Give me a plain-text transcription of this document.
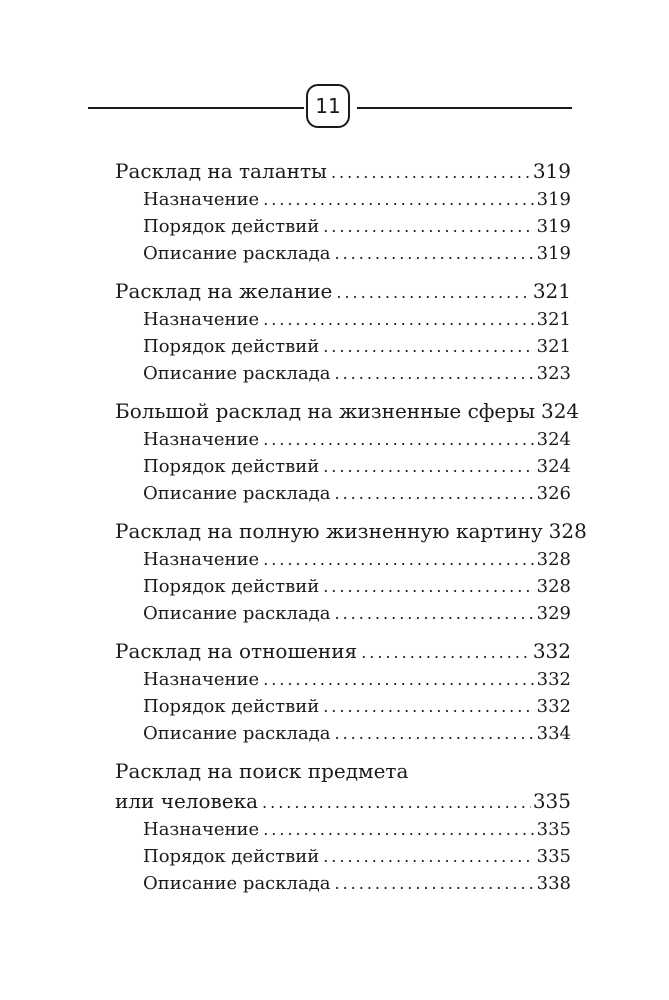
11
Расклад на таланты .....	319
Назначение .....	319
Порядок действий .....	319
Описание расклада .....	319
Расклад на желание .....	321
Назначение .....	321
Порядок действий .....	321
Описание расклада .....	323
Большой расклад на жизненные сферы 324
Назначение .....	324
Порядок действий .....	324
Описание расклада .....	326
Расклад на полную жизненную картину 328
Назначение .....	328
Порядок действий .....	328
Описание расклада .....	329
Расклад на отношения .....	332
Назначение .....	332
Порядок действий .....	332
Описание расклада .....	334
Расклад на поиск предмета
или человека .....	335
Назначение .....	335
Порядок действий .....	335
Описание расклада .....	338
